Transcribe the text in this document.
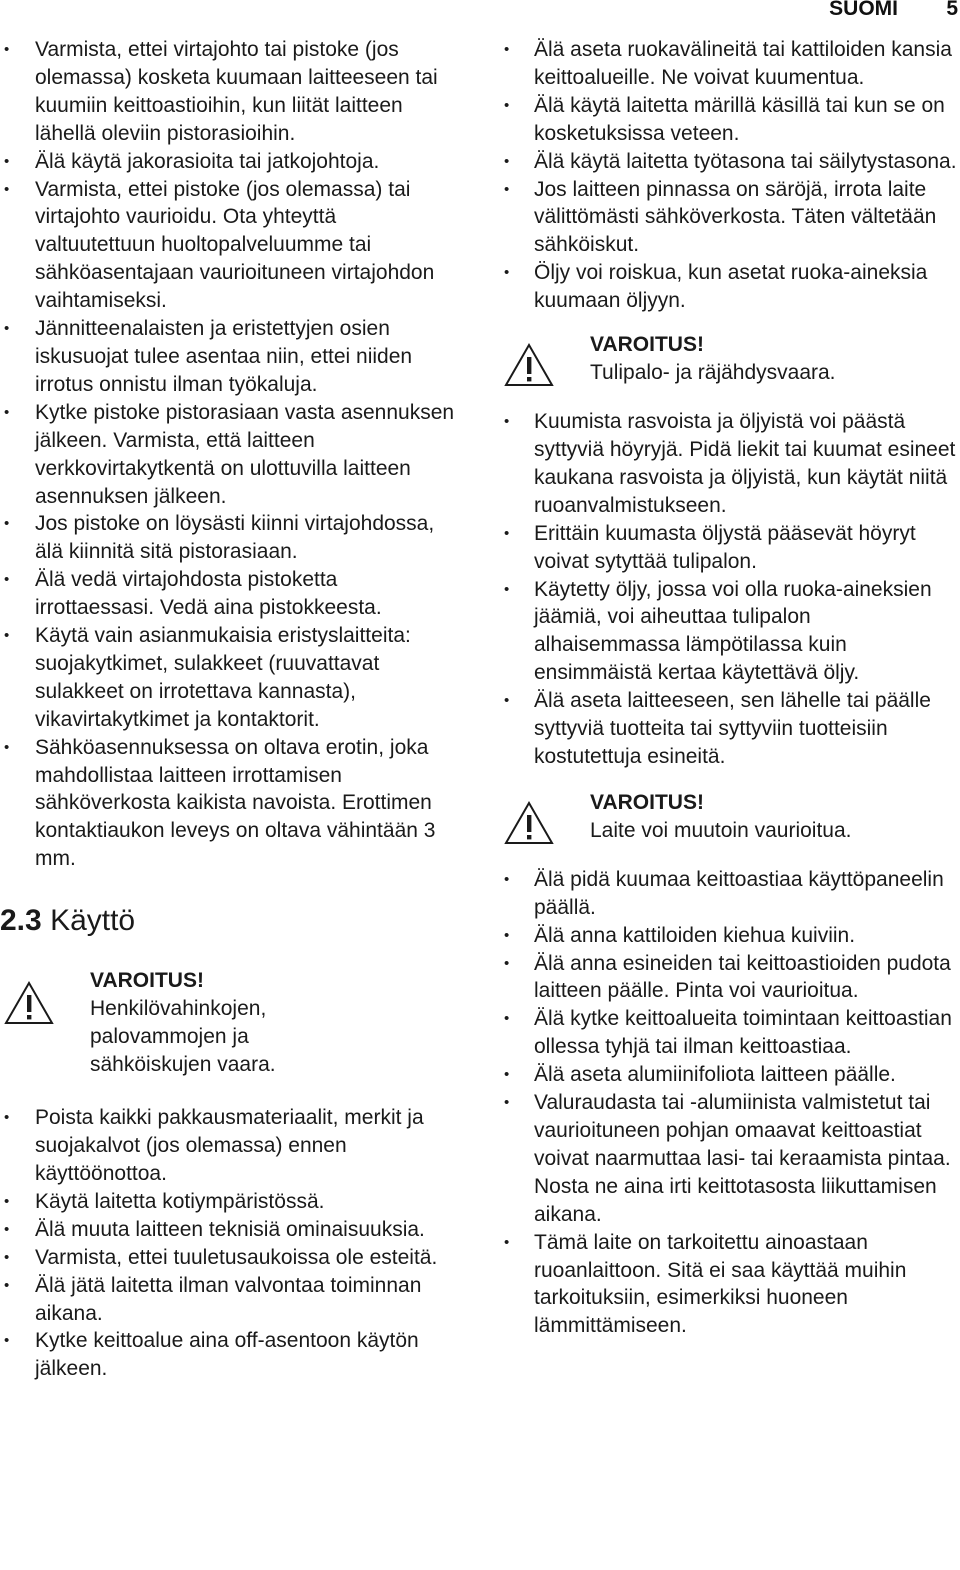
SUOMI 5
• Varmista, ettei virtajohto tai pistoke (jos olemassa) kosketa kuumaan laitteeseen tai kuumiin keittoastioihin, kun liität laitteen lähellä oleviin pistorasioihin.
• Älä käytä jakorasioita tai jatkojohtoja.
• Varmista, ettei pistoke (jos olemassa) tai virtajohto vaurioidu. Ota yhteyttä valtuutettuun huoltopalveluumme tai sähköasentajaan vaurioituneen virtajohdon vaihtamiseksi.
• Jännitteenalaisten ja eristettyjen osien iskusuojat tulee asentaa niin, ettei niiden irrotus onnistu ilman työkaluja.
• Kytke pistoke pistorasiaan vasta asennuksen jälkeen. Varmista, että laitteen verkkovirtakytkentä on ulottuvilla laitteen asennuksen jälkeen.
• Jos pistoke on löysästi kiinni virtajohdossa, älä kiinnitä sitä pistorasiaan.
• Älä vedä virtajohdosta pistoketta irrottaessasi. Vedä aina pistokkeesta.
• Käytä vain asianmukaisia eristyslaitteita: suojakytkimet, sulakkeet (ruuvattavat sulakkeet on irrotettava kannasta), vikavirtakytkimet ja kontaktorit.
• Sähköasennuksessa on oltava erotin, joka mahdollistaa laitteen irrottamisen sähköverkosta kaikista navoista. Erottimen kontaktiaukon leveys on oltava vähintään 3 mm.
2.3 Käyttö
VAROITUS!
Henkilövahinkojen,
palovammojen ja
sähköiskujen vaara.
• Poista kaikki pakkausmateriaalit, merkit ja suojakalvot (jos olemassa) ennen käyttöönottoa.
• Käytä laitetta kotiympäristössä.
• Älä muuta laitteen teknisiä ominaisuuksia.
• Varmista, ettei tuuletusaukoissa ole esteitä.
• Älä jätä laitetta ilman valvontaa toiminnan aikana.
• Kytke keittoalue aina off-asentoon käytön jälkeen.
• Älä aseta ruokavälineitä tai kattiloiden kansia keittoalueille. Ne voivat kuumentua.
• Älä käytä laitetta märillä käsillä tai kun se on kosketuksissa veteen.
• Älä käytä laitetta työtasona tai säilytystasona.
• Jos laitteen pinnassa on säröjä, irrota laite välittömästi sähköverkosta. Täten vältetään sähköiskut.
• Öljy voi roiskua, kun asetat ruoka-aineksia kuumaan öljyyn.
VAROITUS!
Tulipalo- ja räjähdysvaara.
• Kuumista rasvoista ja öljyistä voi päästä syttyviä höyryjä. Pidä liekit tai kuumat esineet kaukana rasvoista ja öljyistä, kun käytät niitä ruoanvalmistukseen.
• Erittäin kuumasta öljystä pääsevät höyryt voivat sytyttää tulipalon.
• Käytetty öljy, jossa voi olla ruoka-aineksien jäämiä, voi aiheuttaa tulipalon alhaisemmassa lämpötilassa kuin ensimmäistä kertaa käytettävä öljy.
• Älä aseta laitteeseen, sen lähelle tai päälle syttyviä tuotteita tai syttyviin tuotteisiin kostutettuja esineitä.
VAROITUS!
Laite voi muutoin vaurioitua.
• Älä pidä kuumaa keittoastiaa käyttöpaneelin päällä.
• Älä anna kattiloiden kiehua kuiviin.
• Älä anna esineiden tai keittoastioiden pudota laitteen päälle. Pinta voi vaurioitua.
• Älä kytke keittoalueita toimintaan keittoastian ollessa tyhjä tai ilman keittoastiaa.
• Älä aseta alumiinifoliota laitteen päälle.
• Valuraudasta tai -alumiinista valmistetut tai vaurioituneen pohjan omaavat keittoastiat voivat naarmuttaa lasi- tai keraamista pintaa. Nosta ne aina irti keittotasosta liikuttamisen aikana.
• Tämä laite on tarkoitettu ainoastaan ruoanlaittoon. Sitä ei saa käyttää muihin tarkoituksiin, esimerkiksi huoneen lämmittämiseen.
